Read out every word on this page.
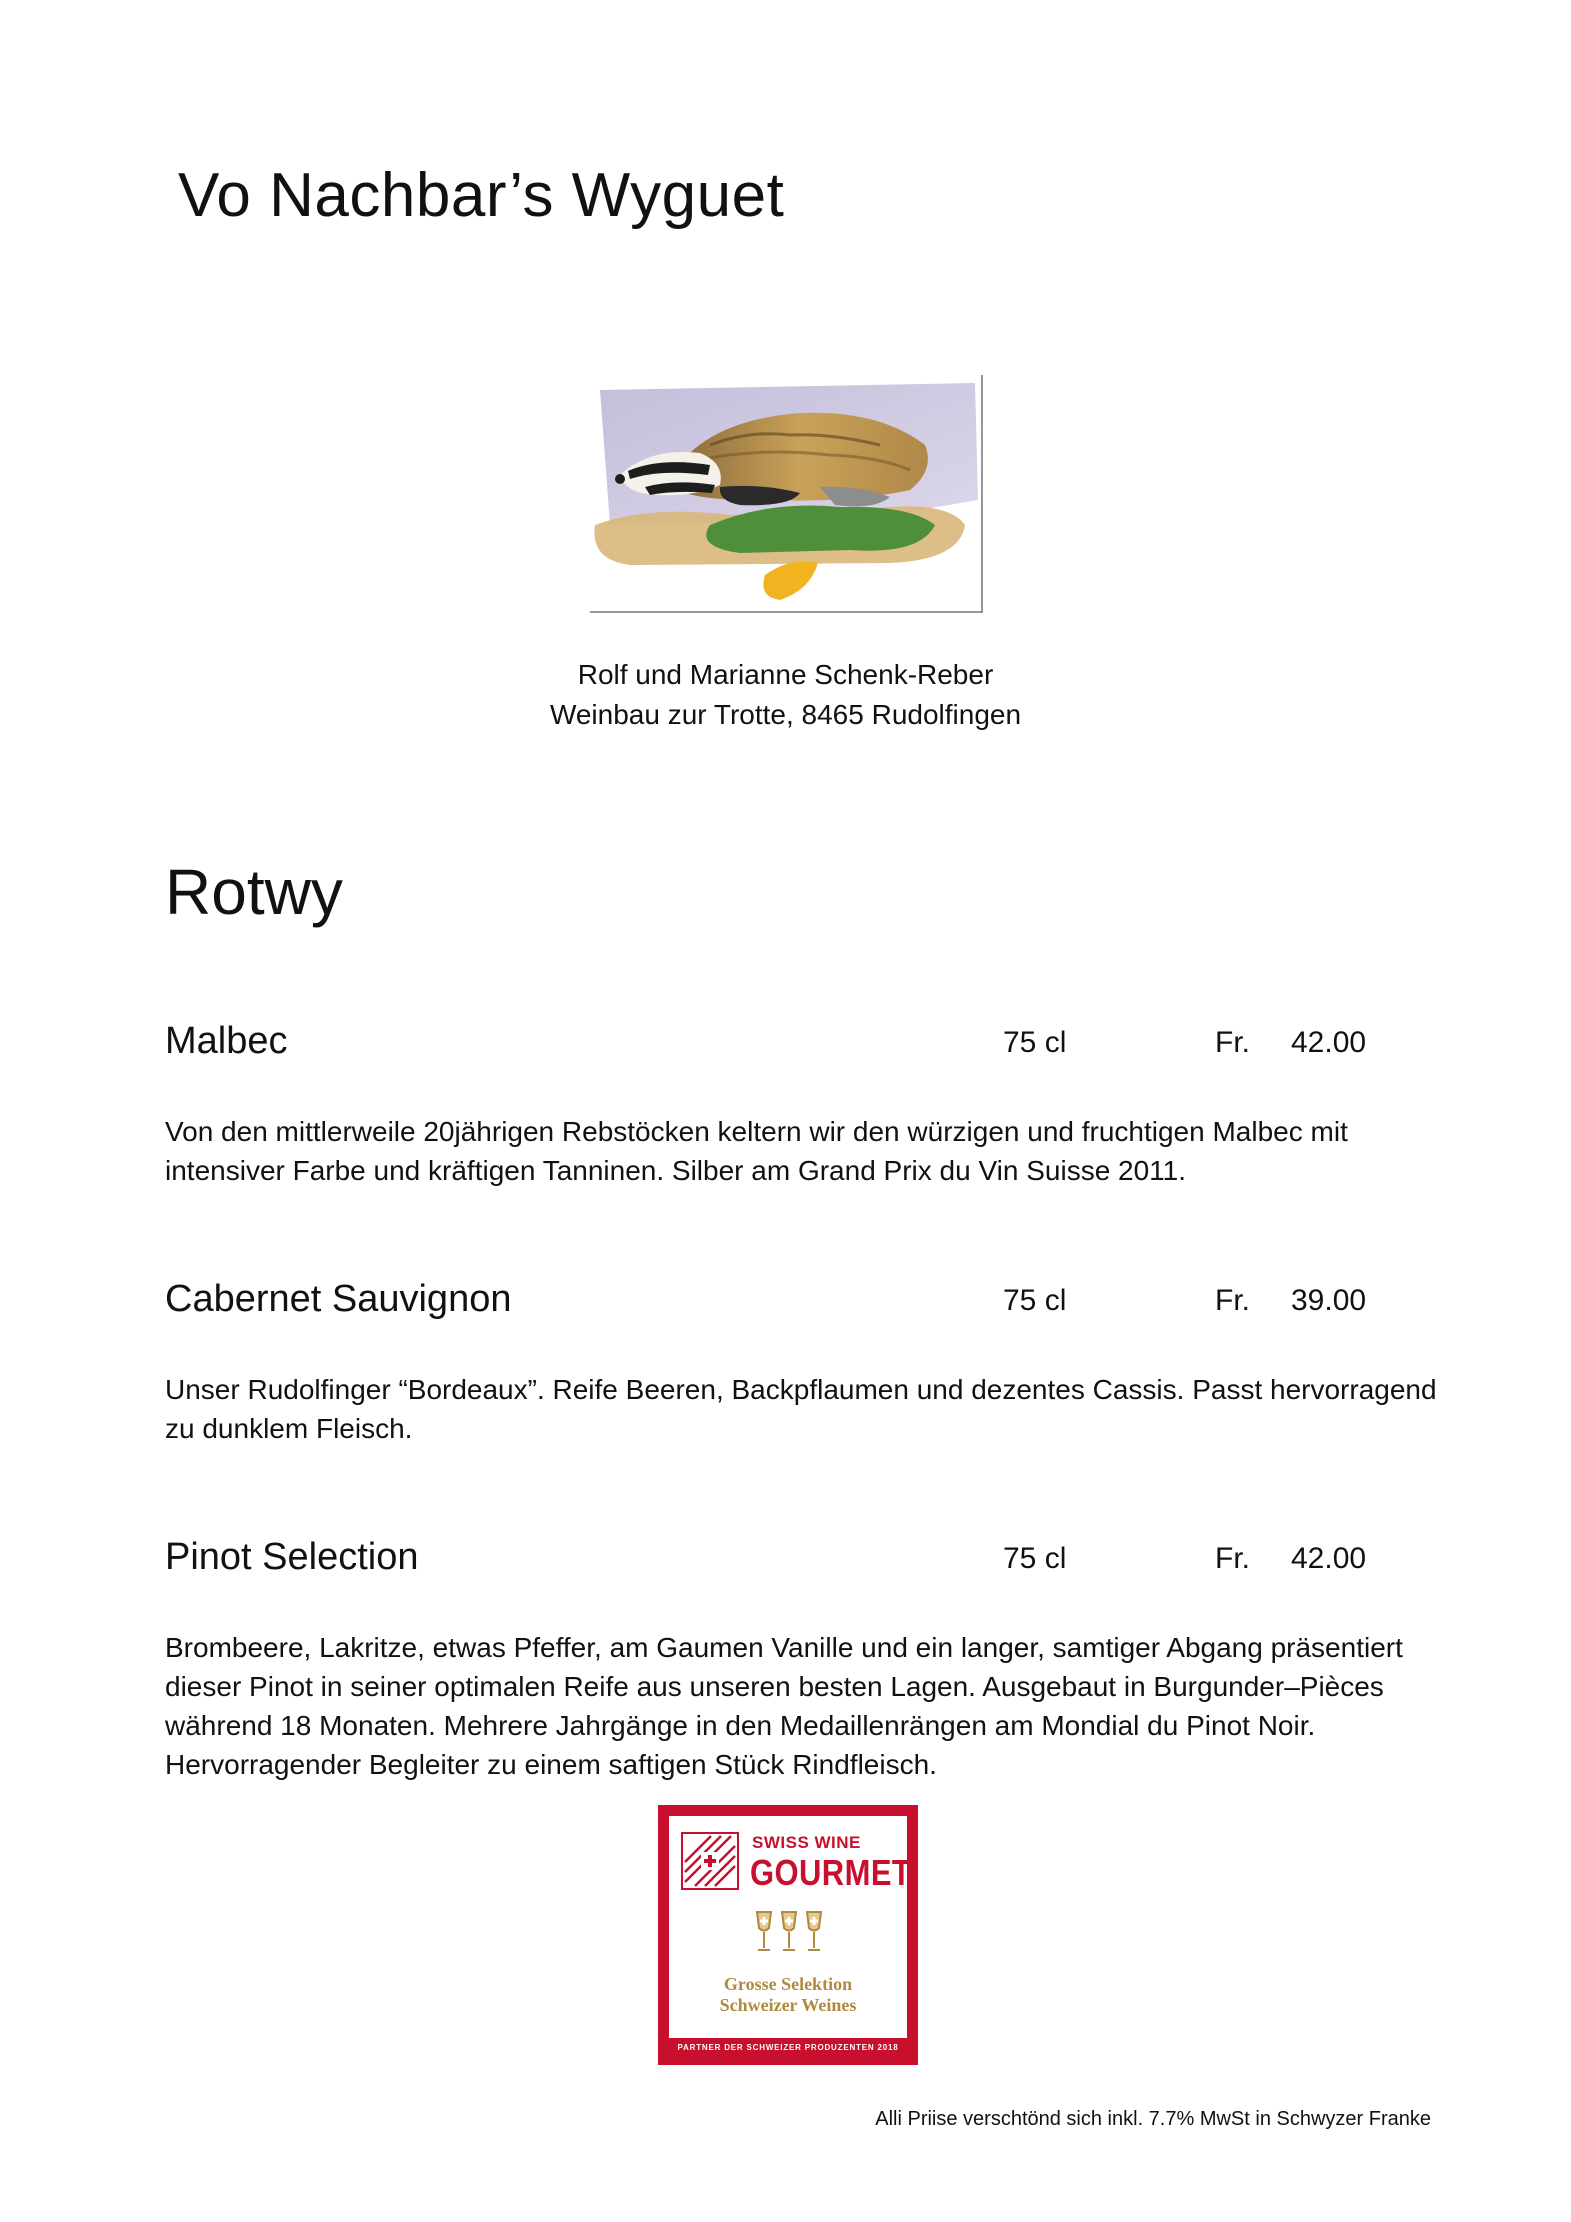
Vo Nachbar’s Wyguet
Rolf und Marianne Schenk-Reber
Weinbau zur Trotte, 8465 Rudolfingen
Rotwy
Malbec	75 cl	Fr. 42.00

Von den mittlerweile 20jährigen Rebstöcken keltern wir den würzigen und fruchtigen Malbec mit intensiver Farbe und kräftigen Tanninen. Silber am Grand Prix du Vin Suisse 2011.

Cabernet Sauvignon	75 cl	Fr. 39.00

Unser Rudolfinger “Bordeaux”. Reife Beeren, Backpflaumen und dezentes Cassis. Passt hervorragend zu dunklem Fleisch.

Pinot Selection	75 cl	Fr. 42.00

Brombeere, Lakritze, etwas Pfeffer, am Gaumen Vanille und ein langer, samtiger Abgang präsentiert dieser Pinot in seiner optimalen Reife aus unseren besten Lagen. Ausgebaut in Burgunder–Pièces während 18 Monaten. Mehrere Jahrgänge in den Medaillenrängen am Mondial du Pinot Noir. Hervorragender Begleiter zu einem saftigen Stück Rindfleisch.

SWISS WINE
GOURMET
Grosse Selektion
Schweizer Weines
PARTNER DER SCHWEIZER PRODUZENTEN 2018
Alli Priise verschtönd sich inkl. 7.7% MwSt in Schwyzer Franke
